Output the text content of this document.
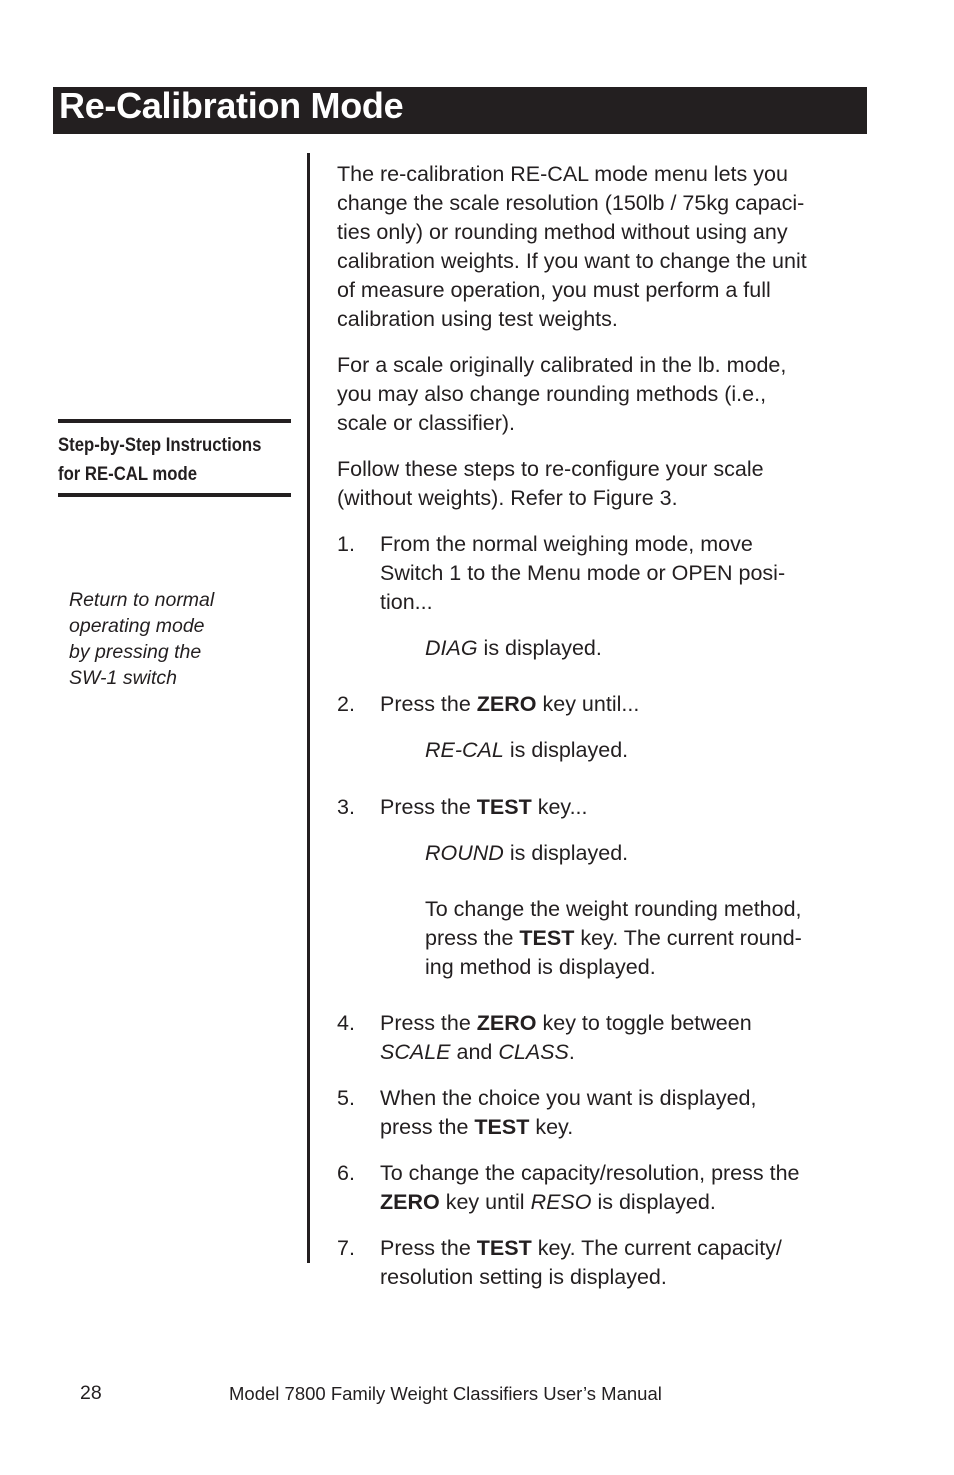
Re-Calibration Mode
Step-by-Step Instructions
for RE-CAL mode
Return to normal
operating mode
by pressing the
SW-1 switch

The re-calibration RE-CAL mode menu lets you
change the scale resolution (150lb / 75kg capaci-
ties only) or rounding method without using any
calibration weights. If you want to change the unit
of measure operation, you must perform a full
calibration using test weights.

For a scale originally calibrated in the lb. mode,
you may also change rounding methods (i.e.,
scale or classifier).

Follow these steps to re-configure your scale
(without weights). Refer to Figure 3.

1. From the normal weighing mode, move
Switch 1 to the Menu mode or OPEN posi-
tion...
DIAG is displayed.
2. Press the ZERO key until...
RE-CAL is displayed.
3. Press the TEST key...
ROUND is displayed.
To change the weight rounding method,
press the TEST key. The current round-
ing method is displayed.
4. Press the ZERO key to toggle between
SCALE and CLASS.
5. When the choice you want is displayed,
press the TEST key.
6. To change the capacity/resolution, press the
ZERO key until RESO is displayed.
7. Press the TEST key. The current capacity/
resolution setting is displayed.
28	Model 7800 Family Weight Classifiers User’s Manual
